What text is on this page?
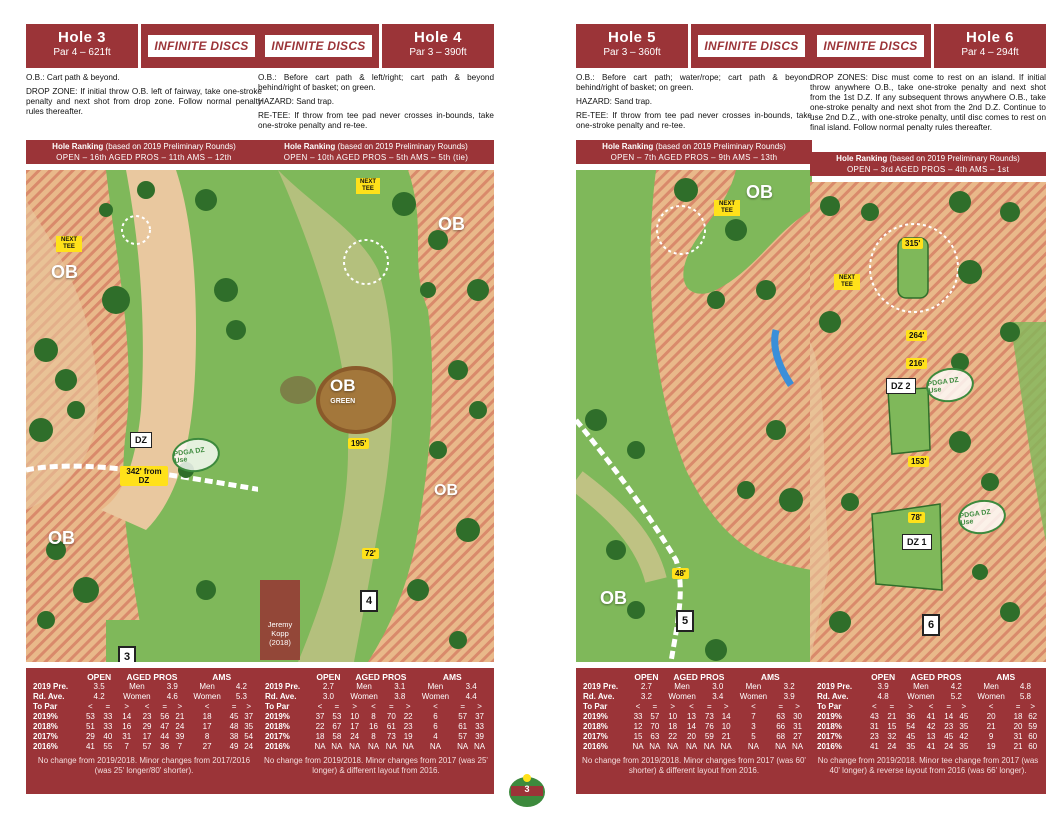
Hole 3
Par 4 – 621ft	INFINITE DISCS

O.B.: Cart path & beyond.

DROP ZONE: If initial throw O.B. left of fairway, take one-stroke penalty and next shot from drop zone. Follow normal penalty rules thereafter.

Hole Ranking (based on 2019 Preliminary Rounds)
OPEN – 16th AGED PROS – 11th AMS – 12th
OB
OB
NEXT TEE
DZ
342' from DZ
PDGA DZ Use
3
	OPEN		AGED PROS				AMS		
2019 Pre.	3.5		Men		3.9		Men	4.2	
Rd. Ave.	4.2		Women		4.6		Women	5.3	
To Par	<	=	>	<	=	>	<	=	>
2019%	53	33	14	23	56	21	18	45	37
2018%	51	33	16	29	47	24	17	48	35
2017%	29	40	31	17	44	39	8	38	54
2016%	41	55	7	57	36	7	27	49	24
No change from 2019/2018. Minor changes from 2017/2016 (was 25' longer/80' shorter).
INFINITE DISCS	Hole 4
Par 3 – 390ft

O.B.: Before cart path & left/right; cart path & beyond behind/right of basket; on green.

HAZARD: Sand trap.

RE-TEE: If throw from tee pad never crosses in-bounds, take one-stroke penalty and re-tee.

Hole Ranking (based on 2019 Preliminary Rounds)
OPEN – 10th AGED PROS – 5th AMS – 5th (tie)
OB
OB
OB
GREEN
NEXT TEE
195'
72'
4
Jeremy Kopp (2018)
	OPEN		AGED PROS				AMS		
2019 Pre.	2.7		Men		3.1		Men	3.4	
Rd. Ave.	3.0		Women		3.8		Women	4.4	
To Par	<	=	>	<	=	>	<	=	>
2019%	37	53	10	8	70	22	6	57	37
2018%	22	67	17	16	61	23	6	61	33
2017%	18	58	24	8	73	19	4	57	39
2016%	NA	NA	NA	NA	NA	NA	NA	NA	NA
No change from 2019/2018. Minor changes from 2017 (was 25' longer) & different layout from 2016.
Hole 5
Par 3 – 360ft	INFINITE DISCS

O.B.: Before cart path; water/rope; cart path & beyond behind/right of basket; on green.

HAZARD: Sand trap.

RE-TEE: If throw from tee pad never crosses in-bounds, take one-stroke penalty and re-tee.

Hole Ranking (based on 2019 Preliminary Rounds)
OPEN – 7th AGED PROS – 9th AMS – 13th
OB
OB
NEXT TEE
48'
5
	OPEN		AGED PROS				AMS		
2019 Pre.	2.7		Men		3.0		Men	3.2	
Rd. Ave.	3.2		Women		3.4		Women	3.9	
To Par	<	=	>	<	=	>	<	=	>
2019%	33	57	10	13	73	14	7	63	30
2018%	12	70	18	14	76	10	3	66	31
2017%	15	63	22	20	59	21	5	68	27
2016%	NA	NA	NA	NA	NA	NA	NA	NA	NA
No change from 2019/2018. Minor changes from 2017 (was 60' shorter) & different layout from 2016.
INFINITE DISCS	Hole 6
Par 4 – 294ft

DROP ZONES: Disc must come to rest on an island. If initial throw anywhere O.B., take one-stroke penalty and next shot from the 1st D.Z. If any subsequent throws anywhere O.B., take one-stroke penalty and next shot from the 2nd D.Z. Continue to use 2nd D.Z., with one-stroke penalty, until disc comes to rest on final island. Follow normal penalty rules thereafter.

Hole Ranking (based on 2019 Preliminary Rounds)
OPEN – 3rd AGED PROS – 4th AMS – 1st
NEXT TEE
315'
264'
216'
DZ 2	PDGA DZ Use
153'
78'
DZ 1
PDGA DZ Use
6
	OPEN		AGED PROS				AMS		
2019 Pre.	3.9		Men		4.2		Men	4.8	
Rd. Ave.	4.8		Women		5.2		Women	5.8	
To Par	<	=	>	<	=	>	<	=	>
2019%	43	21	36	41	14	45	20	18	62
2018%	31	15	54	42	23	35	21	20	59
2017%	23	32	45	13	45	42	9	31	60
2016%	41	24	35	41	24	35	19	21	60
No change from 2019/2018. Minor tee change from 2017 (was 40' longer) & reverse layout from 2016 (was 66' longer).
3
